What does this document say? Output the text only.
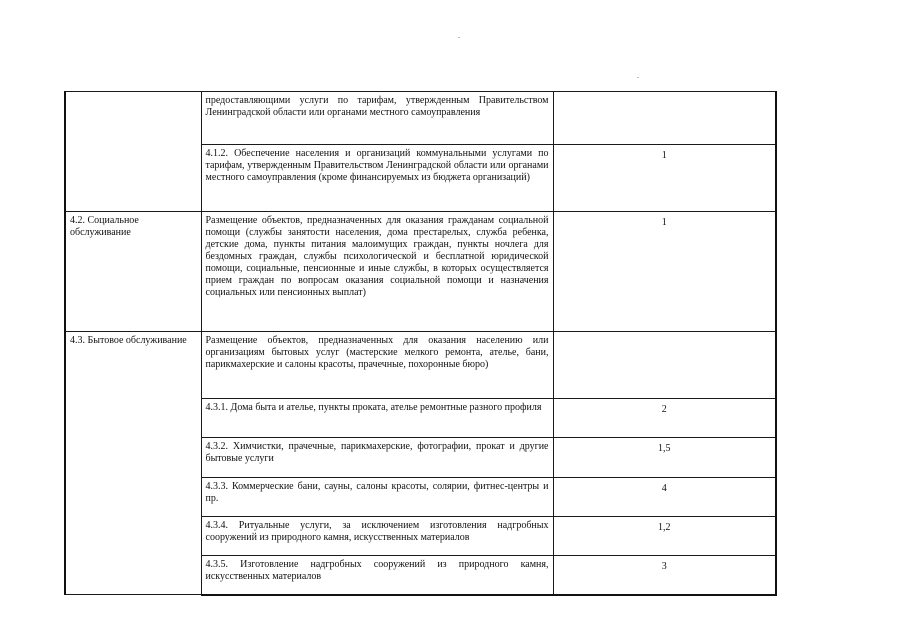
	предоставляющими услуги по тарифам, утвержденным Правительством Ленинградской области или органами местного самоуправления	
	4.1.2. Обеспечение населения и организаций коммунальными услугами по тарифам, утвержденным Правительством Ленинградской области или органами местного самоуправления (кроме финансируемых из бюджета организаций)	1
4.2. Социальное обслуживание	Размещение объектов, предназначенных для оказания гражданам социальной помощи (службы занятости населения, дома престарелых, служба ребенка, детские дома, пункты питания малоимущих граждан, пункты ночлега для бездомных граждан, службы психологической и бесплатной юридической помощи, социальные, пенсионные и иные службы, в которых осуществляется прием граждан по вопросам оказания социальной помощи и назначения социальных или пенсионных выплат)	1
4.3. Бытовое обслуживание	Размещение объектов, предназначенных для оказания населению или организациям бытовых услуг (мастерские мелкого ремонта, ателье, бани, парикмахерские и салоны красоты, прачечные, похоронные бюро)	
	4.3.1. Дома быта и ателье, пункты проката, ателье ремонтные разного профиля	2
	4.3.2. Химчистки, прачечные, парикмахерские, фотографии, прокат и другие бытовые услуги	1,5
	4.3.3. Коммерческие бани, сауны, салоны красоты, солярии, фитнес-центры и пр.	4
	4.3.4. Ритуальные услуги, за исключением изготовления надгробных сооружений из природного камня, искусственных материалов	1,2
	4.3.5. Изготовление надгробных сооружений из природного камня, искусственных материалов	3
